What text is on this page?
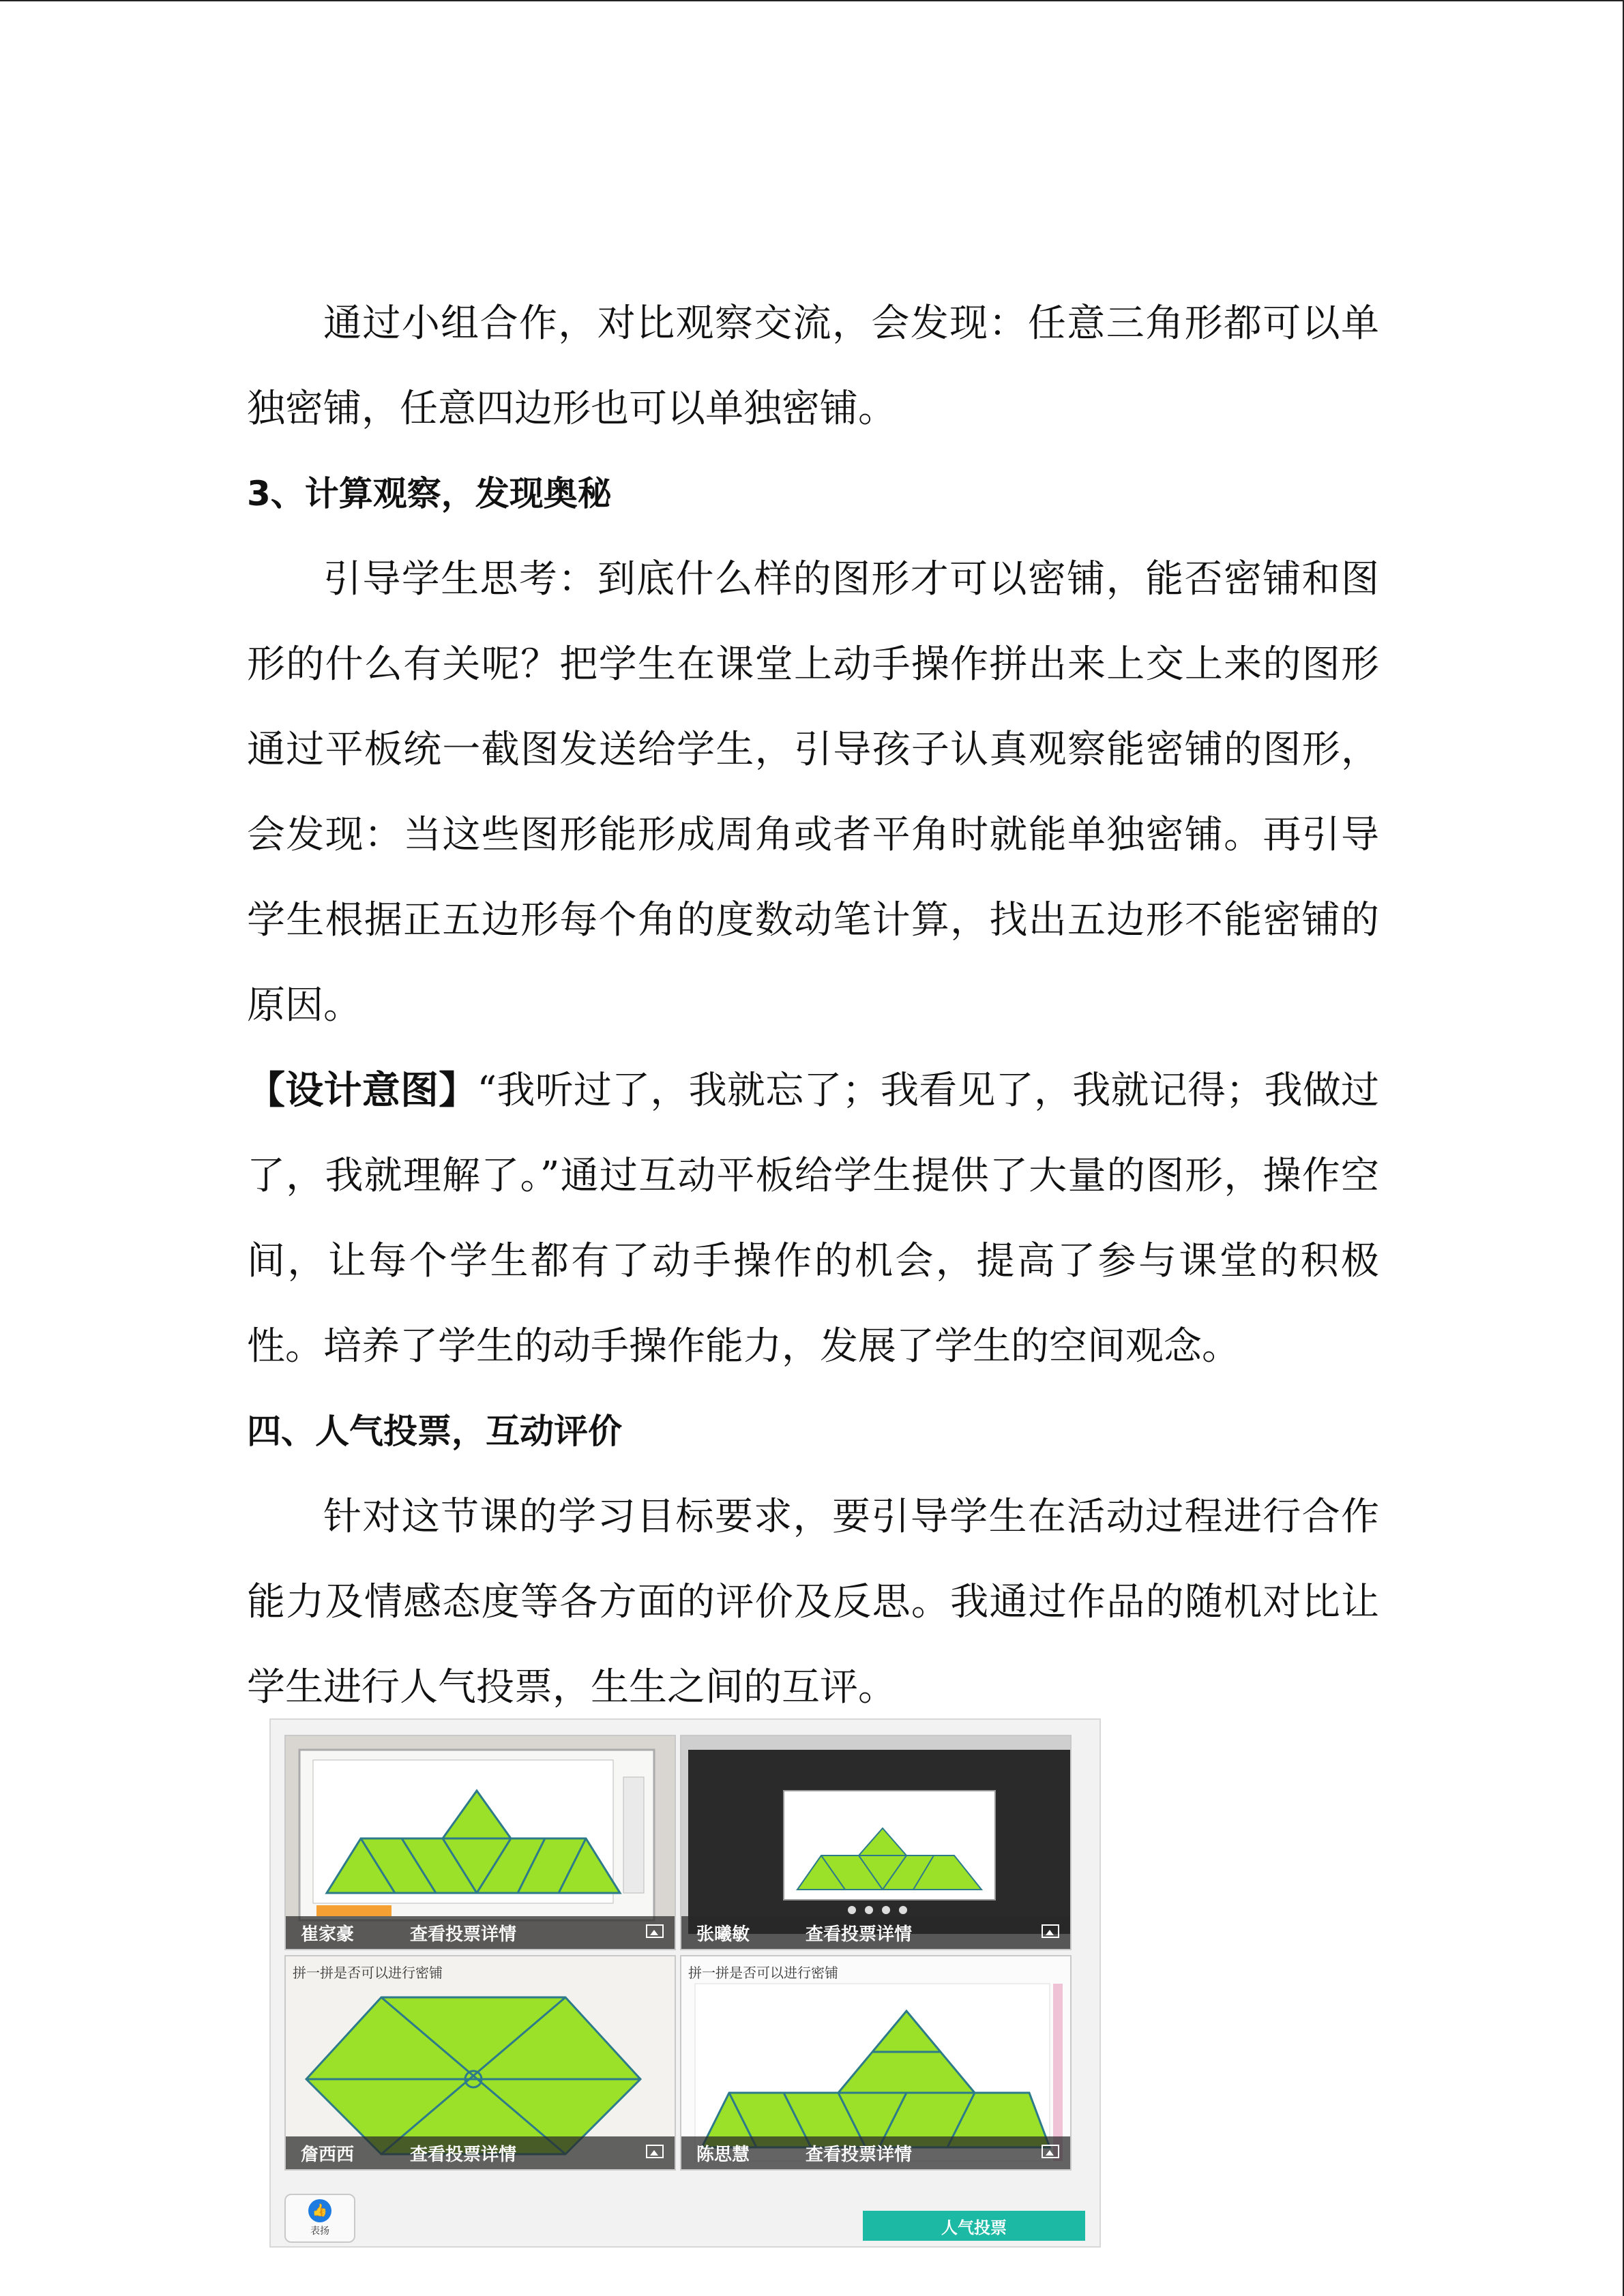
通过小组合作，对比观察交流，会发现：任意三角形都可以单独密铺，任意四边形也可以单独密铺。

3、计算观察，发现奥秘

引导学生思考：到底什么样的图形才可以密铺，能否密铺和图形的什么有关呢？把学生在课堂上动手操作拼出来上交上来的图形通过平板统一截图发送给学生，引导孩子认真观察能密铺的图形，会发现：当这些图形能形成周角或者平角时就能单独密铺。再引导学生根据正五边形每个角的度数动笔计算，找出五边形不能密铺的原因。

【设计意图】“我听过了，我就忘了；我看见了，我就记得；我做过了，我就理解了。”通过互动平板给学生提供了大量的图形，操作空间，让每个学生都有了动手操作的机会，提高了参与课堂的积极性。培养了学生的动手操作能力，发展了学生的空间观念。

四、人气投票，互动评价

针对这节课的学习目标要求，要引导学生在活动过程进行合作能力及情感态度等各方面的评价及反思。我通过作品的随机对比让学生进行人气投票，生生之间的互评。

崔家豪	查看投票详情	张曦敏	查看投票详情
拼一拼是否可以进行密铺
詹西西	查看投票详情
拼一拼是否可以进行密铺
陈思慧	查看投票详情
👍
表扬	人气投票
